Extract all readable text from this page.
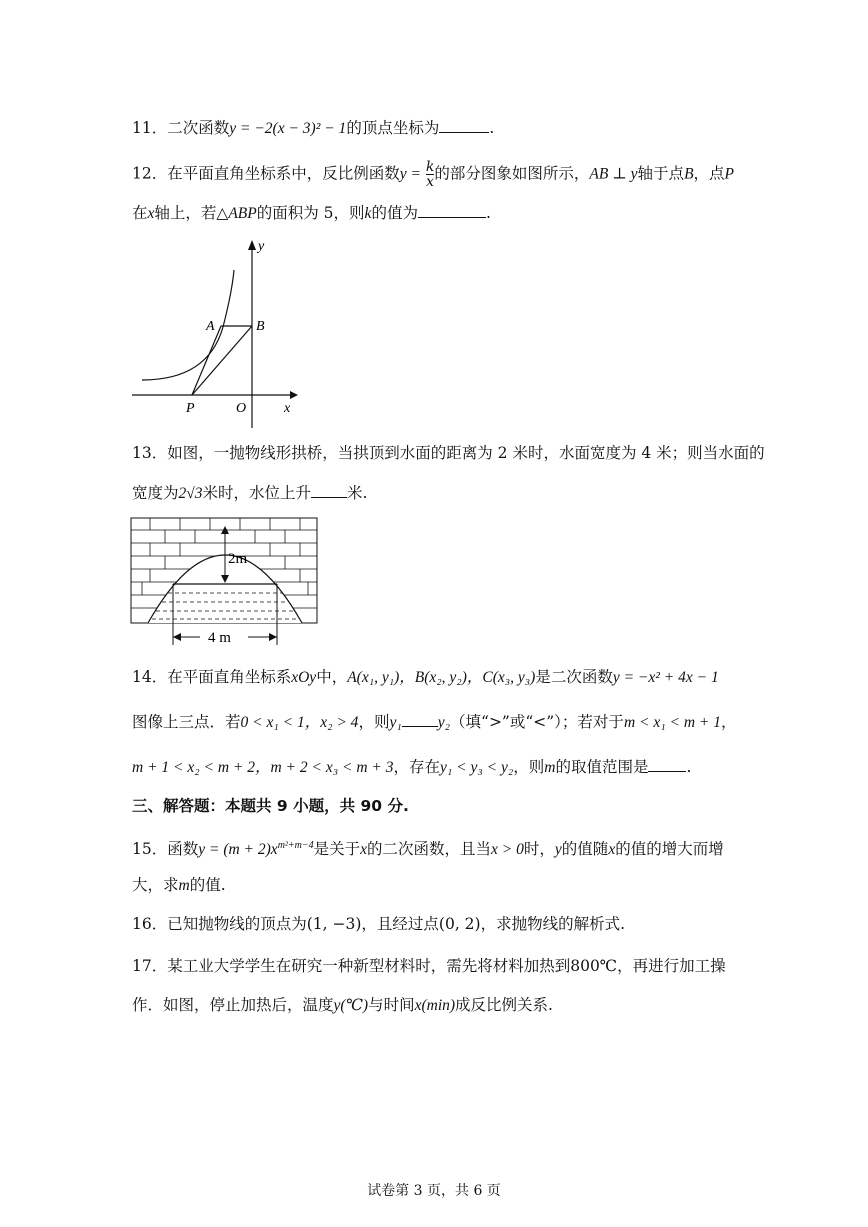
11．二次函数y = −2(x − 3)² − 1的顶点坐标为	.
12．在平面直角坐标系中，反比例函数$y = \frac{k}{x}$ 的部分图象如图所示，AB ⊥ y轴于点B，点P
在x轴上，若△ABP的面积为 5，则k的值为	.
y
x
A	B
P	O
13．如图，一抛物线形拱桥，当拱顶到水面的距离为 2 米时，水面宽度为 4 米；则当水面的
宽度为2√3米时，水位上升 米.
2m
4 m
14．在平面直角坐标系xOy中，A(x₁, y₁)，B(x₂, y₂)，C(x₃, y₃)是二次函数y = −x² + 4x − 1
图像上三点．若0 < x₁ < 1，x₂ > 4，则y₁ y₂（填“>”或“<”）；若对于m < x₁ < m + 1，
m + 1 < x₂ < m + 2，m + 2 < x₃ < m + 3，存在y₁ < y₃ < y₂，则m的取值范围是 .
三、解答题：本题共 9 小题，共 90 分.
15．函数$y = (m + 2)x^{m^2+m-4}$是关于x的二次函数，且当x > 0时，y的值随x的值的增大而增
大，求m的值.
16．已知抛物线的顶点为(1, −3)，且经过点(0, 2)，求抛物线的解析式.
17．某工业大学学生在研究一种新型材料时，需先将材料加热到800℃，再进行加工操
作．如图，停止加热后，温度y(℃)与时间x(min)成反比例关系.
试卷第 3 页，共 6 页
